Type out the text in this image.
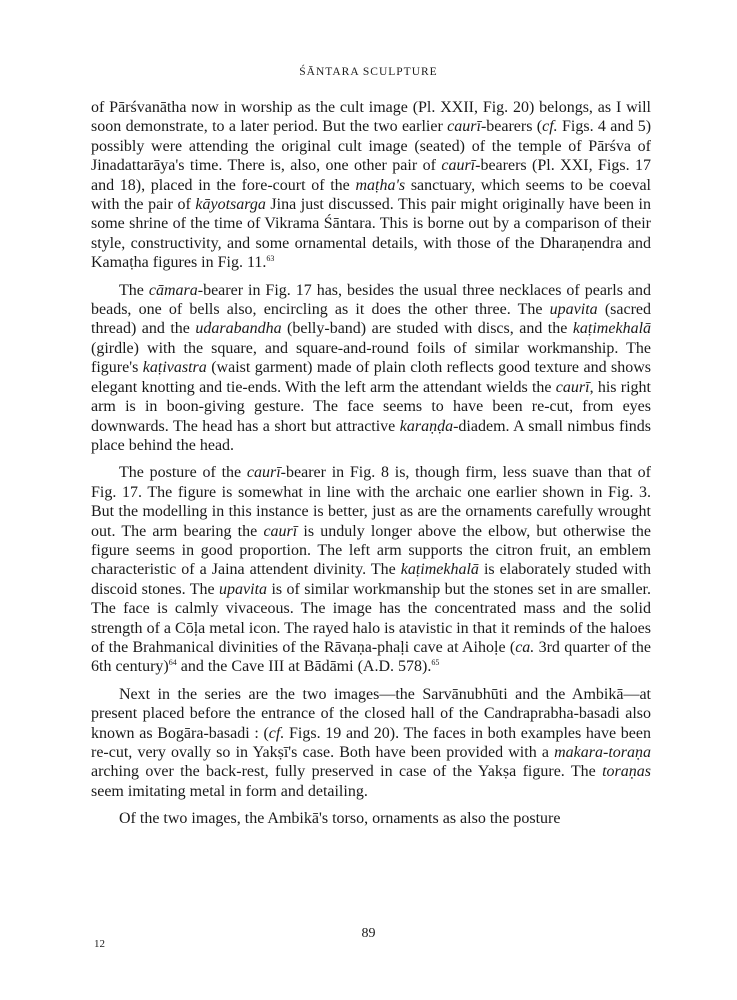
ŚĀNTARA SCULPTURE

of Pārśvanātha now in worship as the cult image (Pl. XXII, Fig. 20) belongs, as I will soon demonstrate, to a later period. But the two earlier caurī-bearers (cf. Figs. 4 and 5) possibly were attending the original cult image (seated) of the temple of Pārśva of Jinadattarāya's time. There is, also, one other pair of caurī-bearers (Pl. XXI, Figs. 17 and 18), placed in the fore-court of the maṭha's sanctuary, which seems to be coeval with the pair of kāyotsarga Jina just discussed. This pair might originally have been in some shrine of the time of Vikrama Śāntara. This is borne out by a comparison of their style, constructivity, and some ornamental details, with those of the Dharaṇendra and Kamaṭha figures in Fig. 11.63

The cāmara-bearer in Fig. 17 has, besides the usual three necklaces of pearls and beads, one of bells also, encircling as it does the other three. The upavita (sacred thread) and the udarabandha (belly-band) are studed with discs, and the kaṭimekhalā (girdle) with the square, and square-and-round foils of similar workmanship. The figure's kaṭivastra (waist garment) made of plain cloth reflects good texture and shows elegant knotting and tie-ends. With the left arm the attendant wields the caurī, his right arm is in boon-giving gesture. The face seems to have been re-cut, from eyes downwards. The head has a short but attractive karaṇḍa-diadem. A small nimbus finds place behind the head.

The posture of the caurī-bearer in Fig. 8 is, though firm, less suave than that of Fig. 17. The figure is somewhat in line with the archaic one earlier shown in Fig. 3. But the modelling in this instance is better, just as are the ornaments carefully wrought out. The arm bearing the caurī is unduly longer above the elbow, but otherwise the figure seems in good proportion. The left arm supports the citron fruit, an emblem characteristic of a Jaina attendent divinity. The kaṭimekhalā is elaborately studed with discoid stones. The upavita is of similar workmanship but the stones set in are smaller. The face is calmly vivaceous. The image has the concentrated mass and the solid strength of a Cōḷa metal icon. The rayed halo is atavistic in that it reminds of the haloes of the Brahmanical divinities of the Rāvaṇa-phaḷi cave at Aihoḷe (ca. 3rd quarter of the 6th century)$^{64}$ and the Cave III at Bādāmi (A.D. 578).$^{65}$

Next in the series are the two images—the Sarvānubhūti and the Ambikā—at present placed before the entrance of the closed hall of the Candraprabha-basadi also known as Bogāra-basadi : (cf. Figs. 19 and 20). The faces in both examples have been re-cut, very ovally so in Yakṣī's case. Both have been provided with a makara-toraṇa arching over the back-rest, fully preserved in case of the Yakṣa figure. The toraṇas seem imitating metal in form and detailing.

Of the two images, the Ambikā's torso, ornaments as also the posture

89
12
